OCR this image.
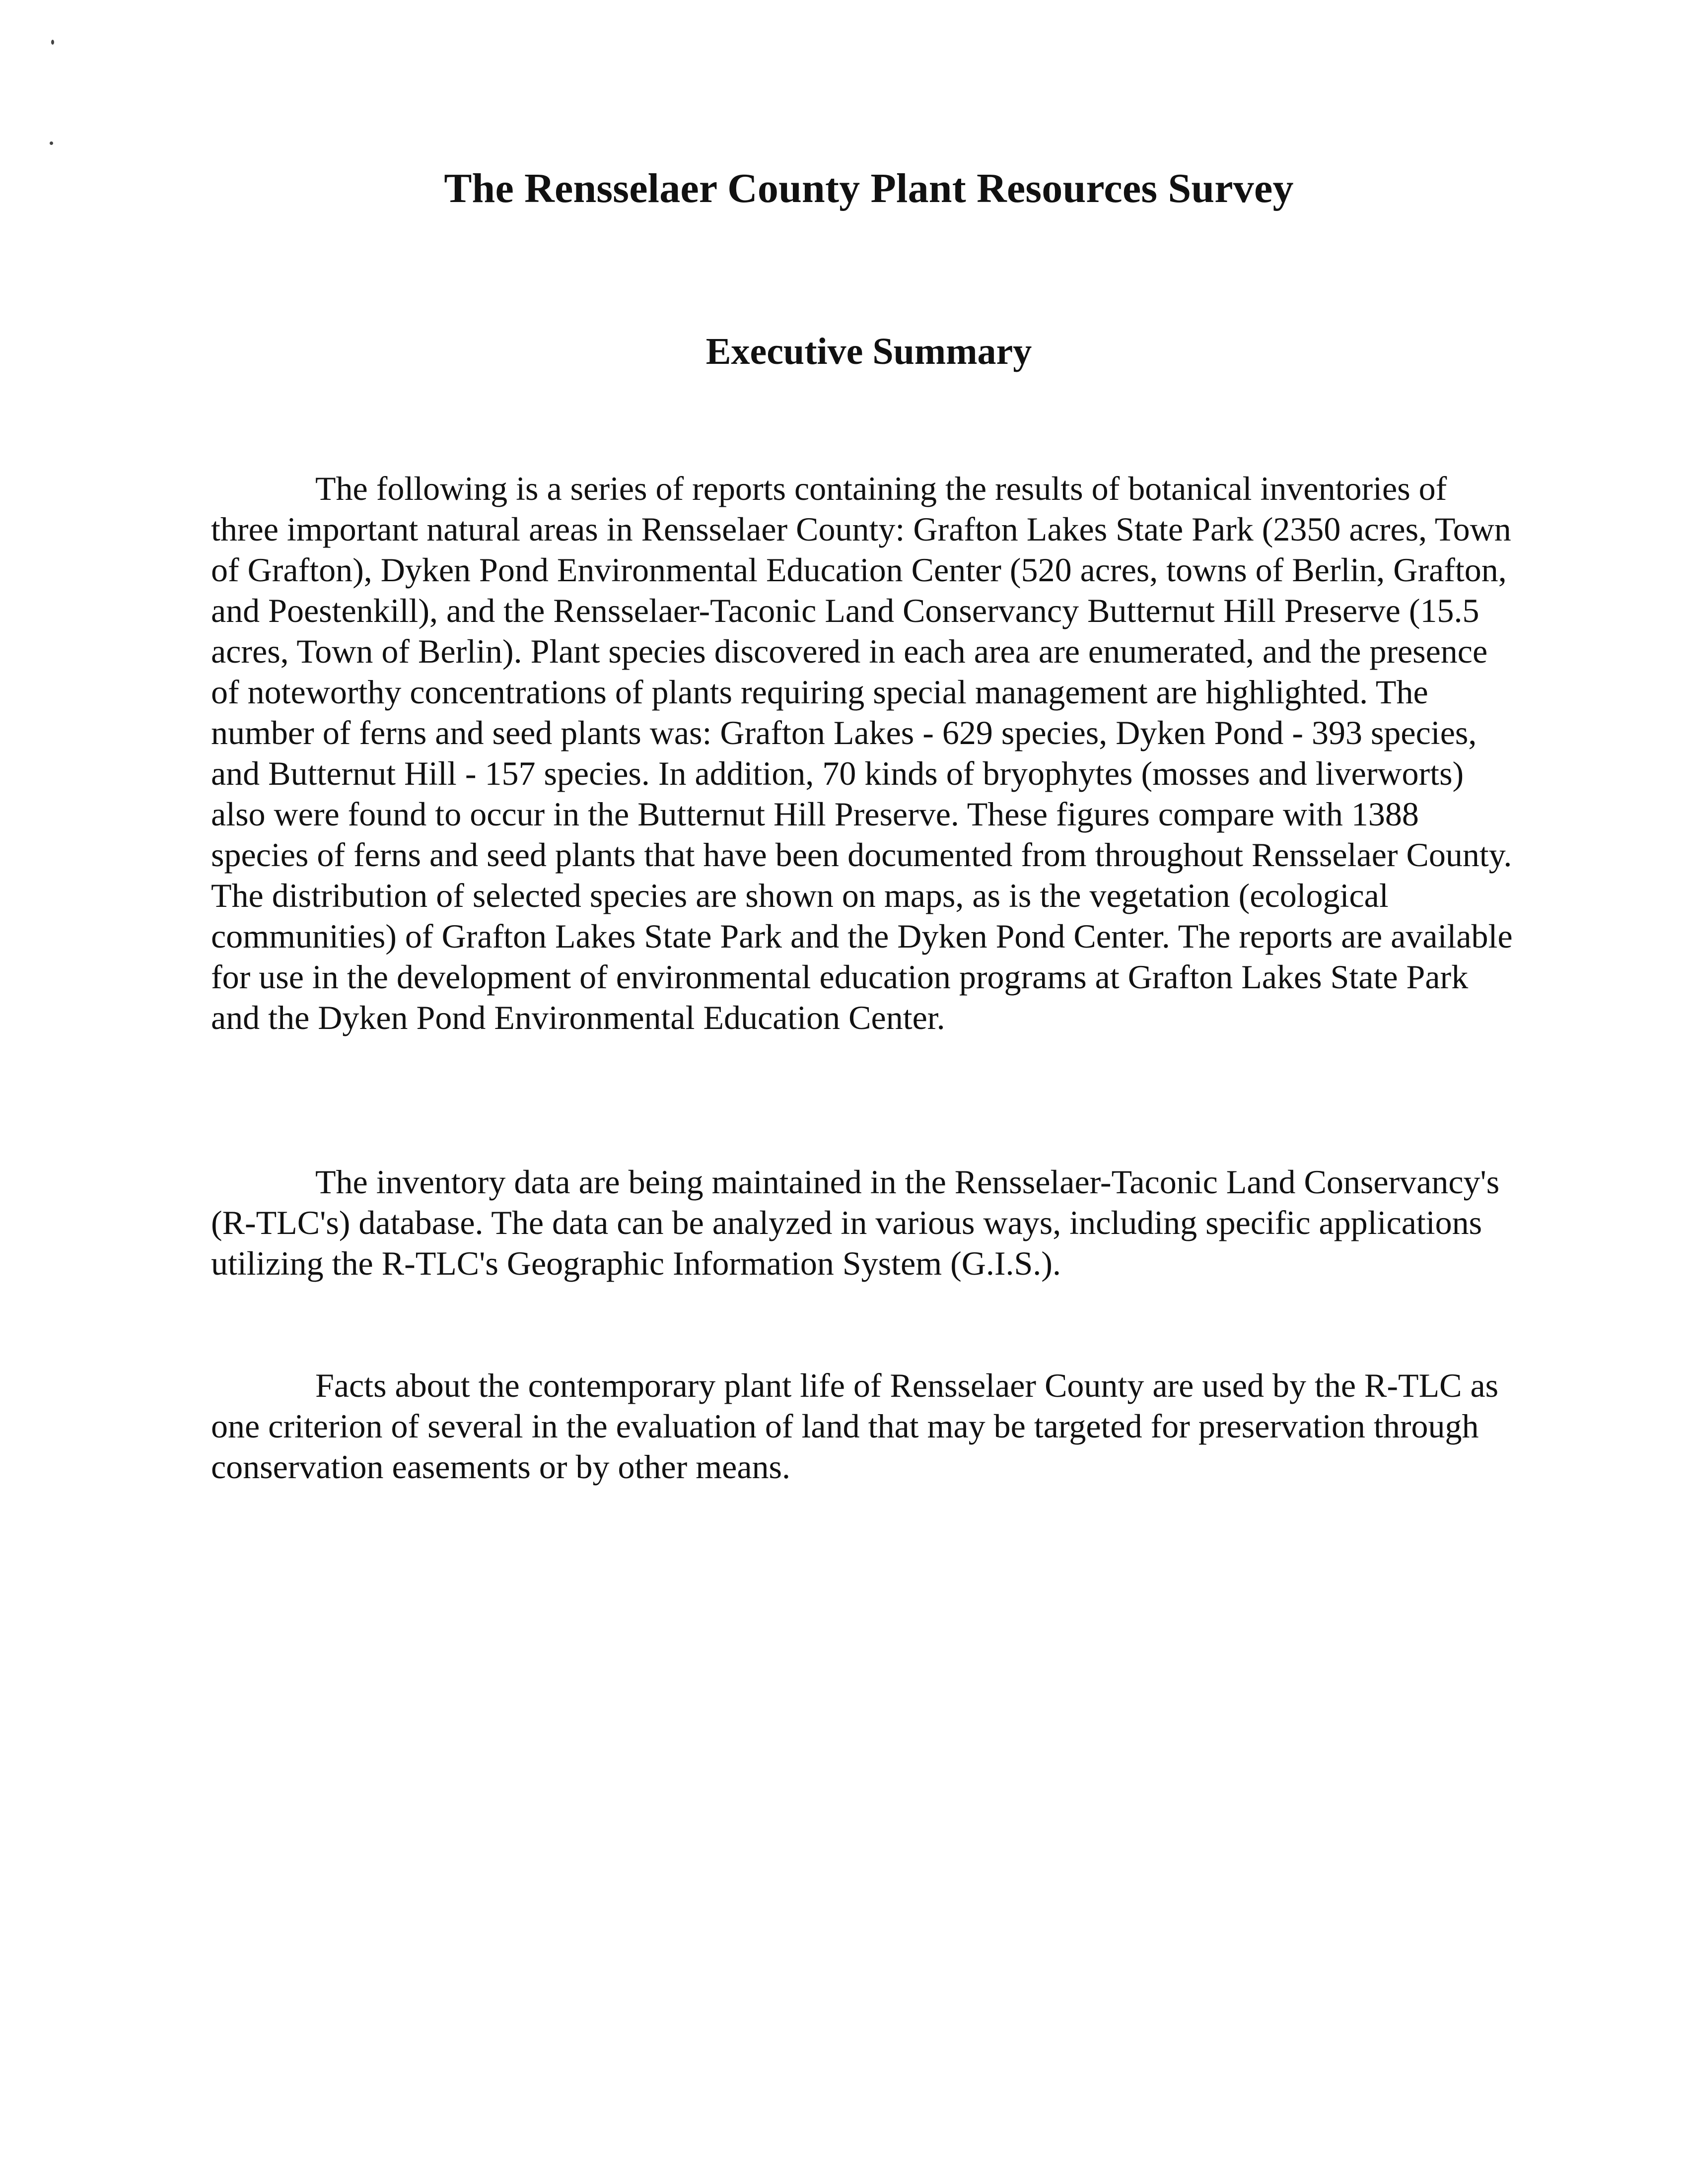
The Rensselaer County Plant Resources Survey
Executive Summary

The following is a series of reports containing the results of botanical inventories of three important natural areas in Rensselaer County: Grafton Lakes State Park (2350 acres, Town of Grafton), Dyken Pond Environmental Education Center (520 acres, towns of Berlin, Grafton, and Poestenkill), and the Rensselaer-Taconic Land Conservancy Butternut Hill Preserve (15.5 acres, Town of Berlin). Plant species discovered in each area are enumerated, and the presence of noteworthy concentrations of plants requiring special management are highlighted. The number of ferns and seed plants was: Grafton Lakes - 629 species, Dyken Pond - 393 species, and Butternut Hill - 157 species. In addition, 70 kinds of bryophytes (mosses and liverworts) also were found to occur in the Butternut Hill Preserve. These figures compare with 1388 species of ferns and seed plants that have been documented from throughout Rensselaer County. The distribution of selected species are shown on maps, as is the vegetation (ecological communities) of Grafton Lakes State Park and the Dyken Pond Center. The reports are available for use in the development of environmental education programs at Grafton Lakes State Park and the Dyken Pond Environmental Education Center.

The inventory data are being maintained in the Rensselaer-Taconic Land Conservancy's (R-TLC's) database. The data can be analyzed in various ways, including specific applications utilizing the R-TLC's Geographic Information System (G.I.S.).

Facts about the contemporary plant life of Rensselaer County are used by the R-TLC as one criterion of several in the evaluation of land that may be targeted for preservation through conservation easements or by other means.
